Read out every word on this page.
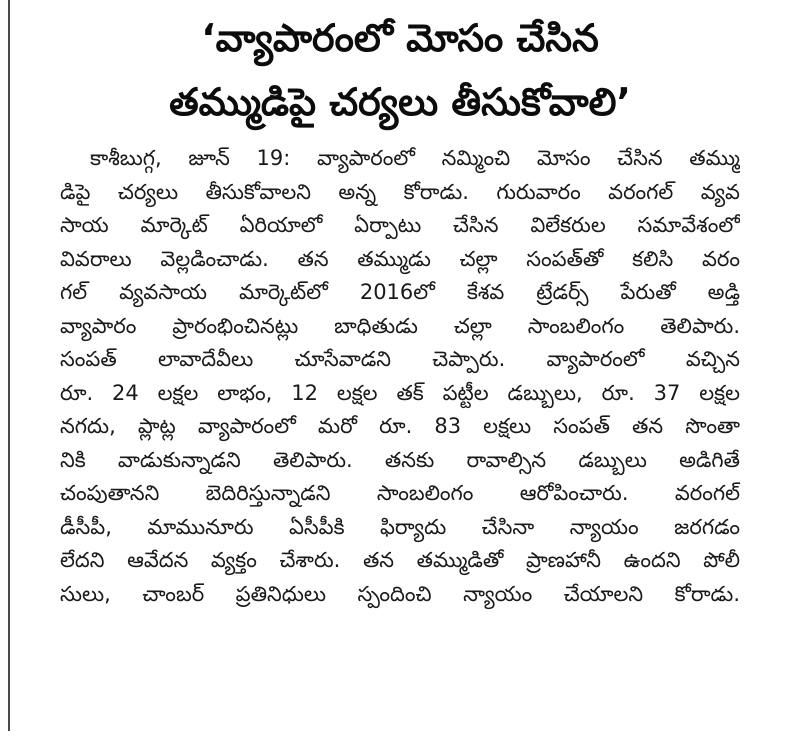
‘వ్యాపారంలో మోసం చేసిన
తమ్ముడిపై చర్యలు తీసుకోవాలి’
కాశీబుగ్గ, జూన్ 19: వ్యాపారంలో నమ్మించి మోసం చేసిన తమ్ము
డిపై చర్యలు తీసుకోవాలని అన్న కోరాడు. గురువారం వరంగల్ వ్యవ
సాయ మార్కెట్ ఏరియాలో ఏర్పాటు చేసిన విలేకరుల సమావేశంలో
వివరాలు వెల్లడించాడు. తన తమ్ముడు చల్లా సంపత్‌తో కలిసి వరం
గల్ వ్యవసాయ మార్కెట్‌లో 2016లో కేశవ ట్రేడర్స్ పేరుతో అడ్తి
వ్యాపారం ప్రారంభించినట్లు బాధితుడు చల్లా సాంబలింగం తెలిపారు.
సంపత్ లావాదేవీలు చూసేవాడని చెప్పారు. వ్యాపారంలో వచ్చిన
రూ. 24 లక్షల లాభం, 12 లక్షల తక్ పట్టీల డబ్బులు, రూ. 37 లక్షల
నగదు, ప్లాట్ల వ్యాపారంలో మరో రూ. 83 లక్షలు సంపత్ తన సొంతా
నికి వాడుకున్నాడని తెలిపారు. తనకు రావాల్సిన డబ్బులు అడిగితే
చంపుతానని బెదిరిస్తున్నాడని సాంబలింగం ఆరోపించారు. వరంగల్
డీసీపీ, మామునూరు ఏసీపీకి ఫిర్యాదు చేసినా న్యాయం జరగడం
లేదని ఆవేదన వ్యక్తం చేశారు. తన తమ్ముడితో ప్రాణహానీ ఉందని పోలీ
సులు, చాంబర్ ప్రతినిధులు స్పందించి న్యాయం చేయాలని కోరాడు.
